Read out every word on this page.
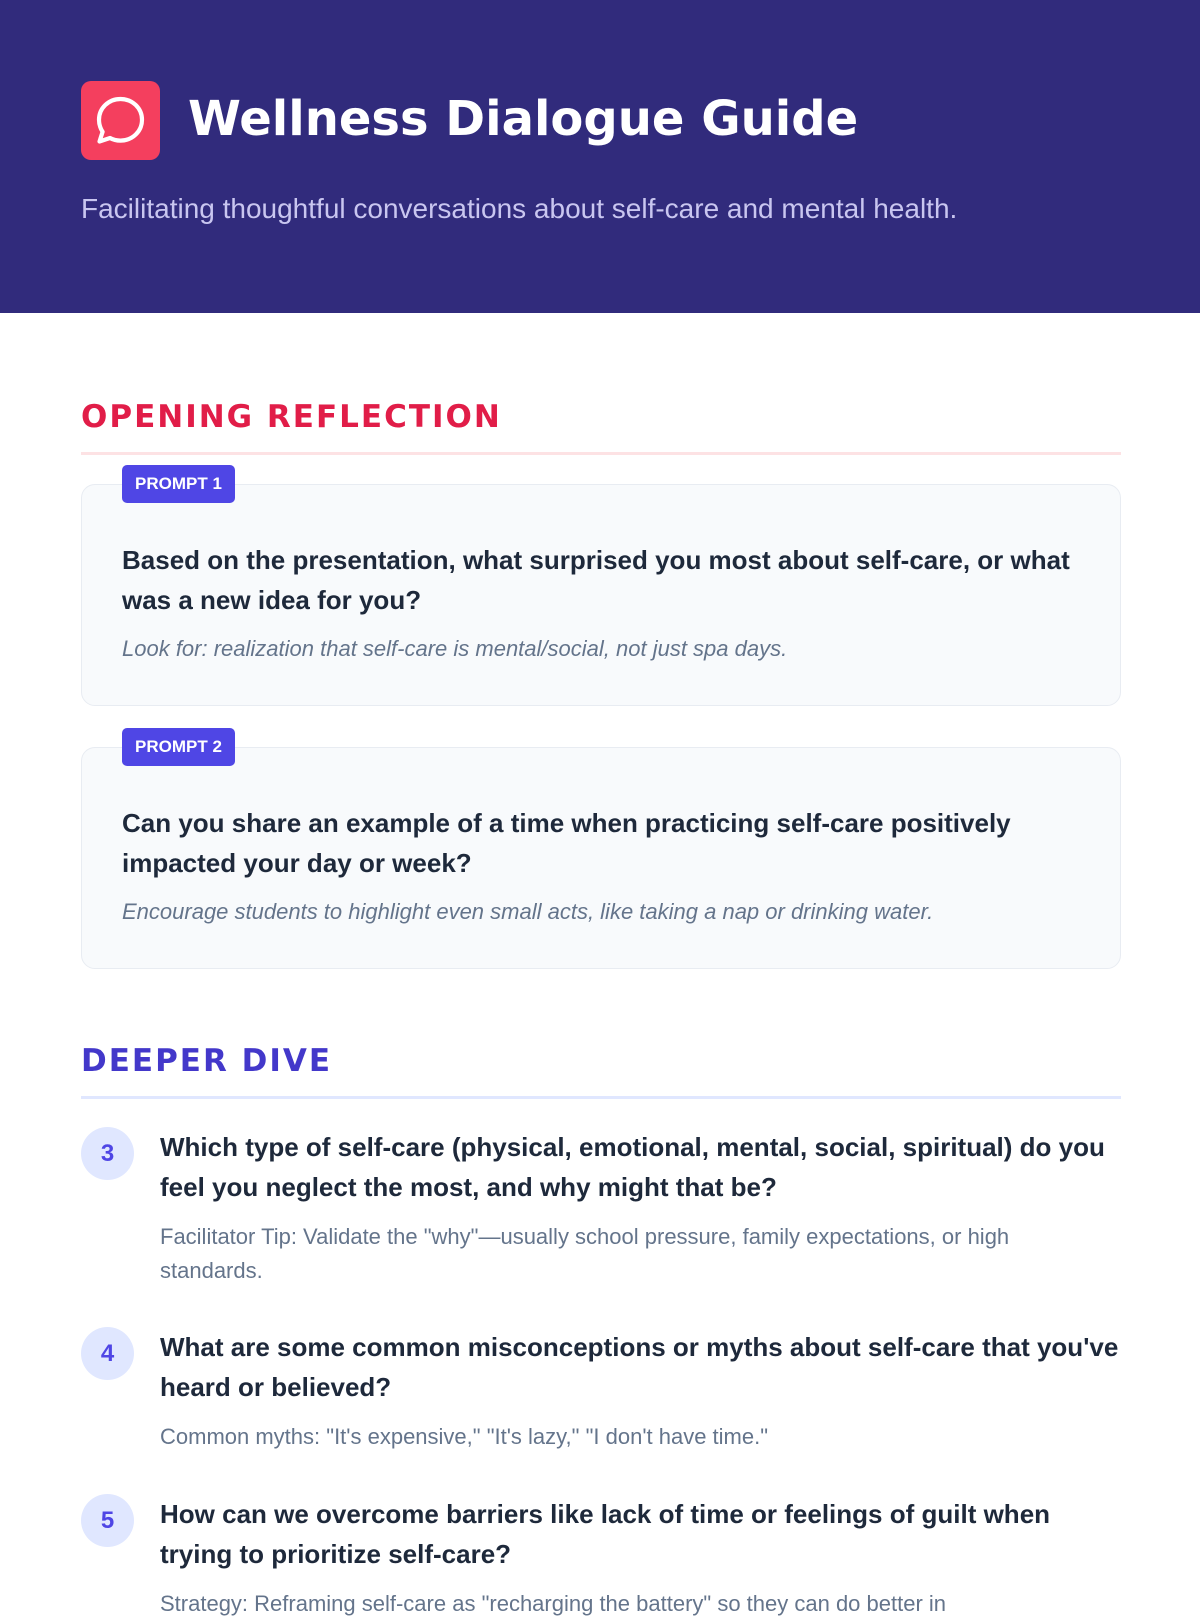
Wellness Dialogue Guide

Facilitating thoughtful conversations about self-care and mental health.

OPENING REFLECTION

Based on the presentation, what surprised you most about self-care, or what was a new idea for you?

Look for: realization that self-care is mental/social, not just spa days.

PROMPT 1

Can you share an example of a time when practicing self-care positively impacted your day or week?

Encourage students to highlight even small acts, like taking a nap or drinking water.

PROMPT 2
DEEPER DIVE
3	Which type of self-care (physical, emotional, mental, social, spiritual) do you feel you neglect the most, and why might that be?

Facilitator Tip: Validate the "why"—usually school pressure, family expectations, or high standards.

4	What are some common misconceptions or myths about self-care that you've heard or believed?

Common myths: "It's expensive," "It's lazy," "I don't have time."

5	How can we overcome barriers like lack of time or feelings of guilt when trying to prioritize self-care?

Strategy: Reframing self-care as "recharging the battery" so they can do better in
